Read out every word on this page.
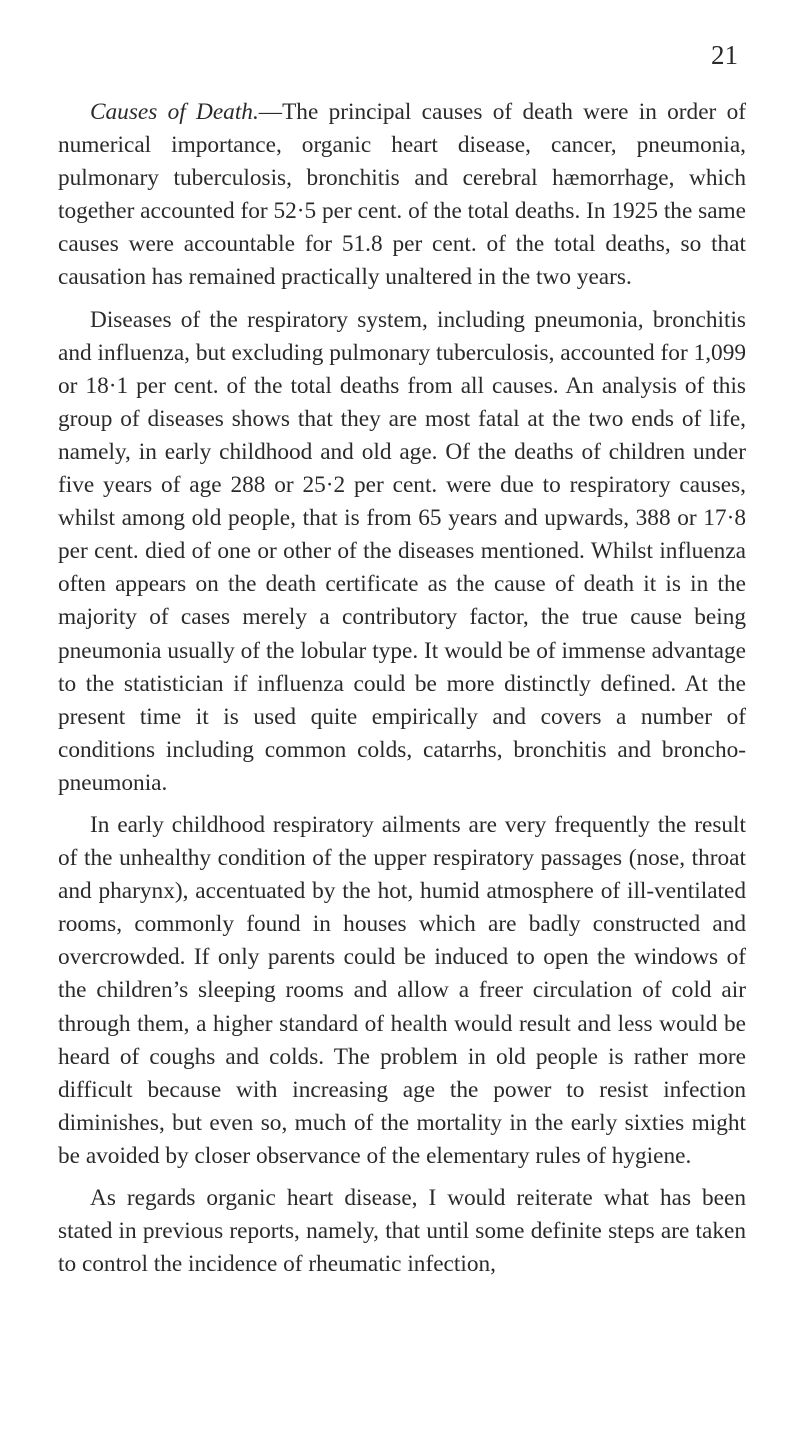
21

Causes of Death.—The principal causes of death were in order of numerical importance, organic heart disease, cancer, pneumonia, pulmonary tuberculosis, bronchitis and cerebral hæmorrhage, which together accounted for 52·5 per cent. of the total deaths. In 1925 the same causes were accountable for 51.8 per cent. of the total deaths, so that causation has remained practically unaltered in the two years.

Diseases of the respiratory system, including pneumonia, bronchitis and influenza, but excluding pulmonary tuberculosis, accounted for 1,099 or 18·1 per cent. of the total deaths from all causes. An analysis of this group of diseases shows that they are most fatal at the two ends of life, namely, in early childhood and old age. Of the deaths of children under five years of age 288 or 25·2 per cent. were due to respiratory causes, whilst among old people, that is from 65 years and upwards, 388 or 17·8 per cent. died of one or other of the diseases mentioned. Whilst influenza often appears on the death certificate as the cause of death it is in the majority of cases merely a contributory factor, the true cause being pneumonia usually of the lobular type. It would be of immense advantage to the statistician if influenza could be more distinctly defined. At the present time it is used quite empirically and covers a number of conditions including common colds, catarrhs, bronchitis and broncho-pneumonia.

In early childhood respiratory ailments are very frequently the result of the unhealthy condition of the upper respiratory passages (nose, throat and pharynx), accentuated by the hot, humid atmosphere of ill-ventilated rooms, commonly found in houses which are badly constructed and overcrowded. If only parents could be induced to open the windows of the children’s sleeping rooms and allow a freer circulation of cold air through them, a higher standard of health would result and less would be heard of coughs and colds. The problem in old people is rather more difficult because with increasing age the power to resist infection diminishes, but even so, much of the mortality in the early sixties might be avoided by closer observance of the elementary rules of hygiene.

As regards organic heart disease, I would reiterate what has been stated in previous reports, namely, that until some definite steps are taken to control the incidence of rheumatic infection,
